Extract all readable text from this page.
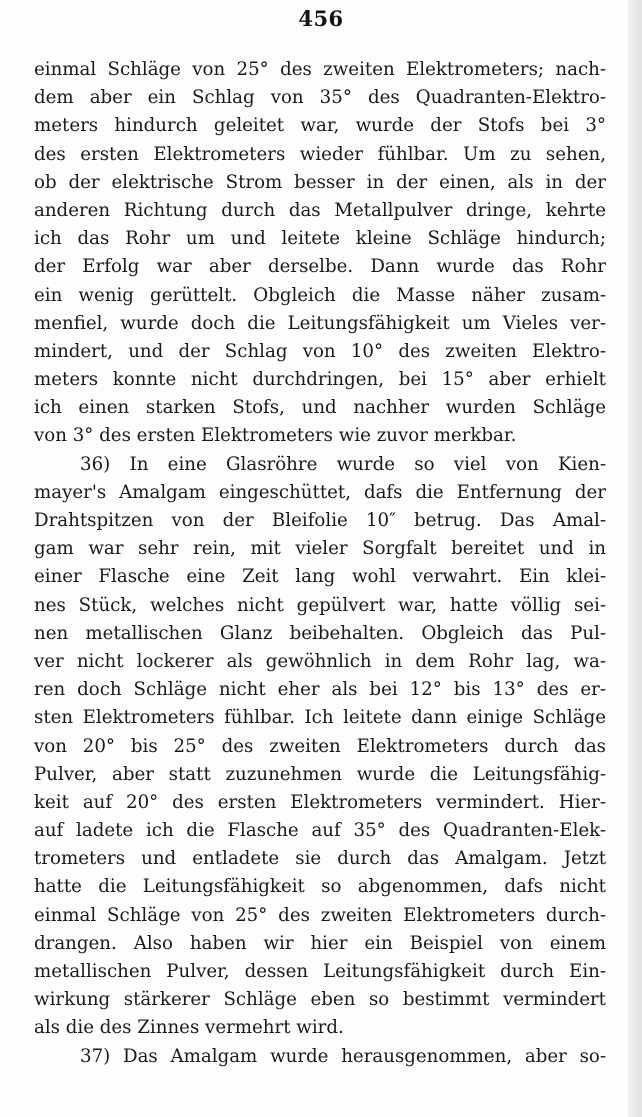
456
einmal Schläge von 25° des zweiten Elektrometers; nach-
dem aber ein Schlag von 35° des Quadranten-Elektro-
meters hindurch geleitet war, wurde der Stofs bei 3°
des ersten Elektrometers wieder fühlbar. Um zu sehen,
ob der elektrische Strom besser in der einen, als in der
anderen Richtung durch das Metallpulver dringe, kehrte
ich das Rohr um und leitete kleine Schläge hindurch;
der Erfolg war aber derselbe. Dann wurde das Rohr
ein wenig gerüttelt. Obgleich die Masse näher zusam-
menfiel, wurde doch die Leitungsfähigkeit um Vieles ver-
mindert, und der Schlag von 10° des zweiten Elektro-
meters konnte nicht durchdringen, bei 15° aber erhielt
ich einen starken Stofs, und nachher wurden Schläge
von 3° des ersten Elektrometers wie zuvor merkbar.
36) In eine Glasröhre wurde so viel von Kien-
mayer's Amalgam eingeschüttet, dafs die Entfernung der
Drahtspitzen von der Bleifolie 10″ betrug. Das Amal-
gam war sehr rein, mit vieler Sorgfalt bereitet und in
einer Flasche eine Zeit lang wohl verwahrt. Ein klei-
nes Stück, welches nicht gepülvert war, hatte völlig sei-
nen metallischen Glanz beibehalten. Obgleich das Pul-
ver nicht lockerer als gewöhnlich in dem Rohr lag, wa-
ren doch Schläge nicht eher als bei 12° bis 13° des er-
sten Elektrometers fühlbar. Ich leitete dann einige Schläge
von 20° bis 25° des zweiten Elektrometers durch das
Pulver, aber statt zuzunehmen wurde die Leitungsfähig-
keit auf 20° des ersten Elektrometers vermindert. Hier-
auf ladete ich die Flasche auf 35° des Quadranten-Elek-
trometers und entladete sie durch das Amalgam. Jetzt
hatte die Leitungsfähigkeit so abgenommen, dafs nicht
einmal Schläge von 25° des zweiten Elektrometers durch-
drangen. Also haben wir hier ein Beispiel von einem
metallischen Pulver, dessen Leitungsfähigkeit durch Ein-
wirkung stärkerer Schläge eben so bestimmt vermindert
als die des Zinnes vermehrt wird.
37) Das Amalgam wurde herausgenommen, aber so-
